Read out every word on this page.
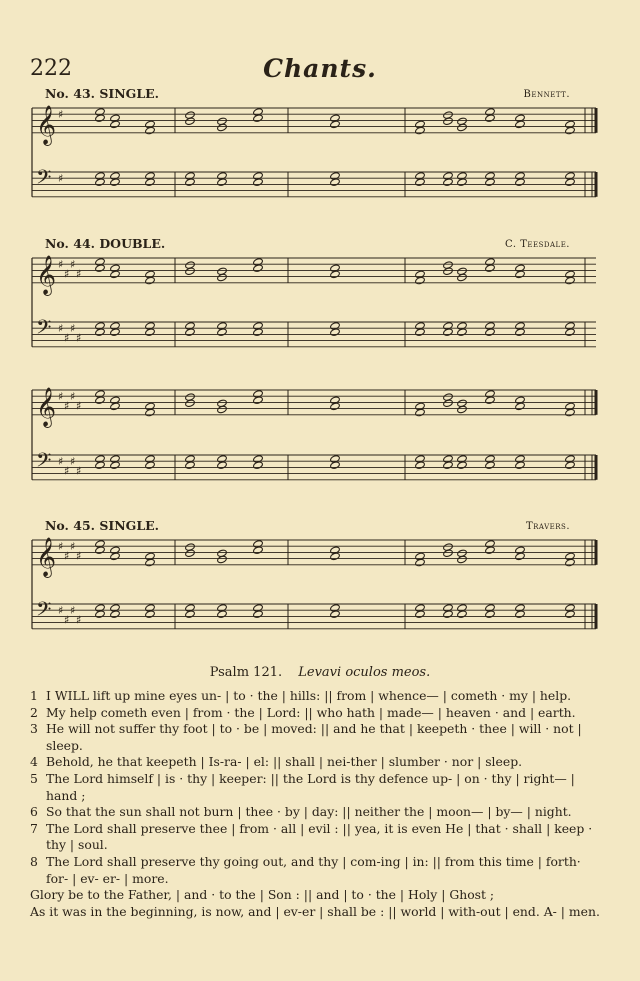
222	Chants.
No. 43. SINGLE.	Bennett.
No. 44. DOUBLE.	C. Teesdale.
No. 45. SINGLE.	Travers.
𝄞
𝄢
♯
♯
𝄞
𝄢
♯
♯
♯
♯
♯
♯
♯
♯
𝄞
𝄢
♯
♯
♯
♯
♯
♯
♯
♯
𝄞
𝄢
♯
♯
♯
♯
♯
♯
♯
♯
Psalm 121. Levavi oculos meos.
1 I WILL lift up mine eyes un- | to · the | hills: || from | whence— | cometh · my | help.
2 My help cometh even | from · the | Lord: || who hath | made— | heaven · and | earth.
3 He will not suffer thy foot | to · be | moved: || and he that | keepeth · thee | will · not | sleep.
4 Behold, he that keepeth | Is-ra- | el: || shall | nei-ther | slumber · nor | sleep.
5 The Lord himself | is · thy | keeper: || the Lord is thy defence up- | on · thy | right— | hand ;
6 So that the sun shall not burn | thee · by | day: || neither the | moon— | by— | night.
7 The Lord shall preserve thee | from · all | evil : || yea, it is even He | that · shall | keep · thy | soul.
8 The Lord shall preserve thy going out, and thy | com-ing | in: || from this time | forth· for- | ev- er- | more.
Glory be to the Father, | and · to the | Son : || and | to · the | Holy | Ghost ;
As it was in the beginning, is now, and | ev-er | shall be : || world | with-out | end. A- | men.
